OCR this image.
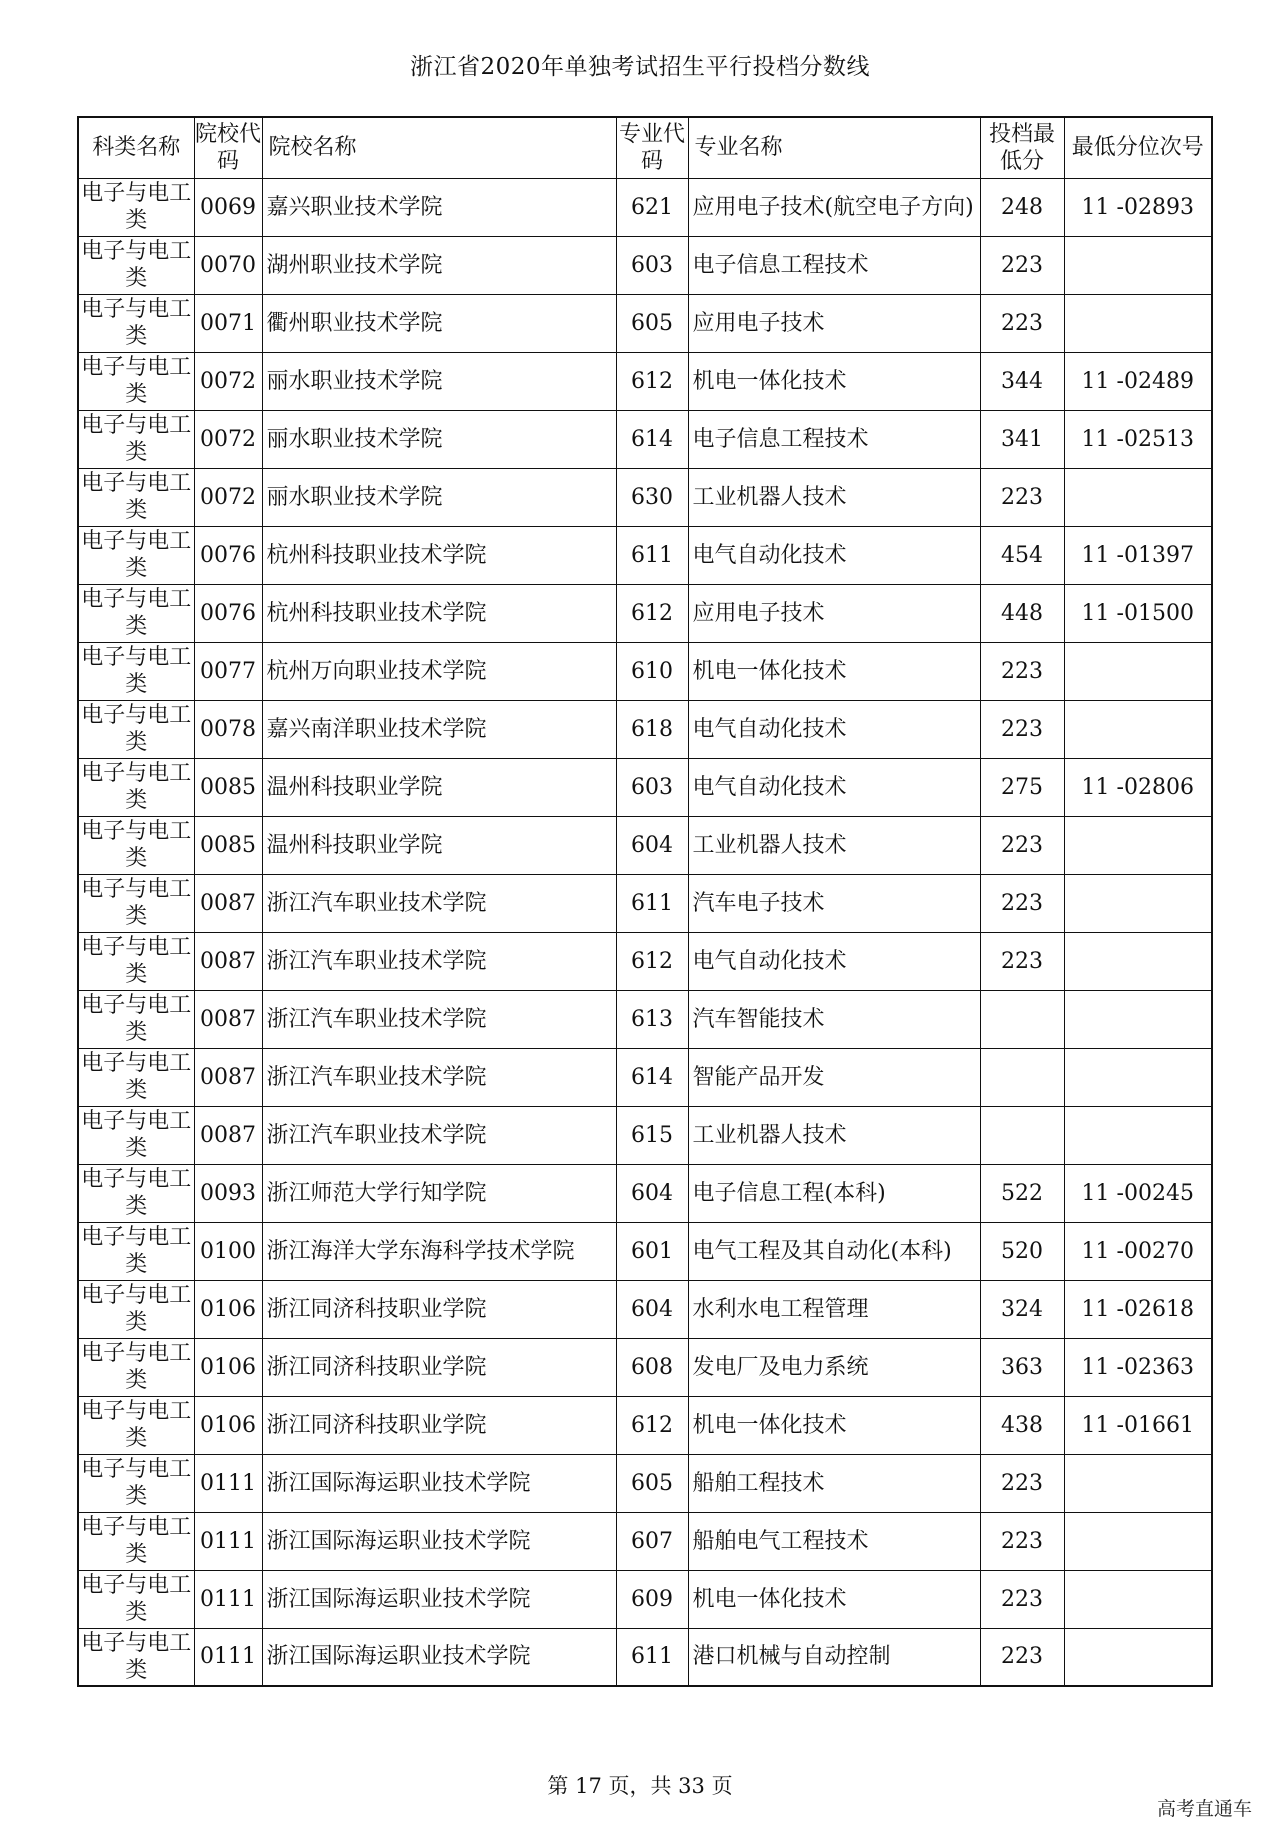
浙江省2020年单独考试招生平行投档分数线
科类名称	院校代码	院校名称	专业代码	专业名称	投档最低分	最低分位次号
电子与电工类	0069	嘉兴职业技术学院	621	应用电子技术(航空电子方向)	248	11 -02893
电子与电工类	0070	湖州职业技术学院	603	电子信息工程技术	223	
电子与电工类	0071	衢州职业技术学院	605	应用电子技术	223	
电子与电工类	0072	丽水职业技术学院	612	机电一体化技术	344	11 -02489
电子与电工类	0072	丽水职业技术学院	614	电子信息工程技术	341	11 -02513
电子与电工类	0072	丽水职业技术学院	630	工业机器人技术	223	
电子与电工类	0076	杭州科技职业技术学院	611	电气自动化技术	454	11 -01397
电子与电工类	0076	杭州科技职业技术学院	612	应用电子技术	448	11 -01500
电子与电工类	0077	杭州万向职业技术学院	610	机电一体化技术	223	
电子与电工类	0078	嘉兴南洋职业技术学院	618	电气自动化技术	223	
电子与电工类	0085	温州科技职业学院	603	电气自动化技术	275	11 -02806
电子与电工类	0085	温州科技职业学院	604	工业机器人技术	223	
电子与电工类	0087	浙江汽车职业技术学院	611	汽车电子技术	223	
电子与电工类	0087	浙江汽车职业技术学院	612	电气自动化技术	223	
电子与电工类	0087	浙江汽车职业技术学院	613	汽车智能技术		
电子与电工类	0087	浙江汽车职业技术学院	614	智能产品开发		
电子与电工类	0087	浙江汽车职业技术学院	615	工业机器人技术		
电子与电工类	0093	浙江师范大学行知学院	604	电子信息工程(本科)	522	11 -00245
电子与电工类	0100	浙江海洋大学东海科学技术学院	601	电气工程及其自动化(本科)	520	11 -00270
电子与电工类	0106	浙江同济科技职业学院	604	水利水电工程管理	324	11 -02618
电子与电工类	0106	浙江同济科技职业学院	608	发电厂及电力系统	363	11 -02363
电子与电工类	0106	浙江同济科技职业学院	612	机电一体化技术	438	11 -01661
电子与电工类	0111	浙江国际海运职业技术学院	605	船舶工程技术	223	
电子与电工类	0111	浙江国际海运职业技术学院	607	船舶电气工程技术	223	
电子与电工类	0111	浙江国际海运职业技术学院	609	机电一体化技术	223	
电子与电工类	0111	浙江国际海运职业技术学院	611	港口机械与自动控制	223	
第 17 页，共 33 页
高考直通车
